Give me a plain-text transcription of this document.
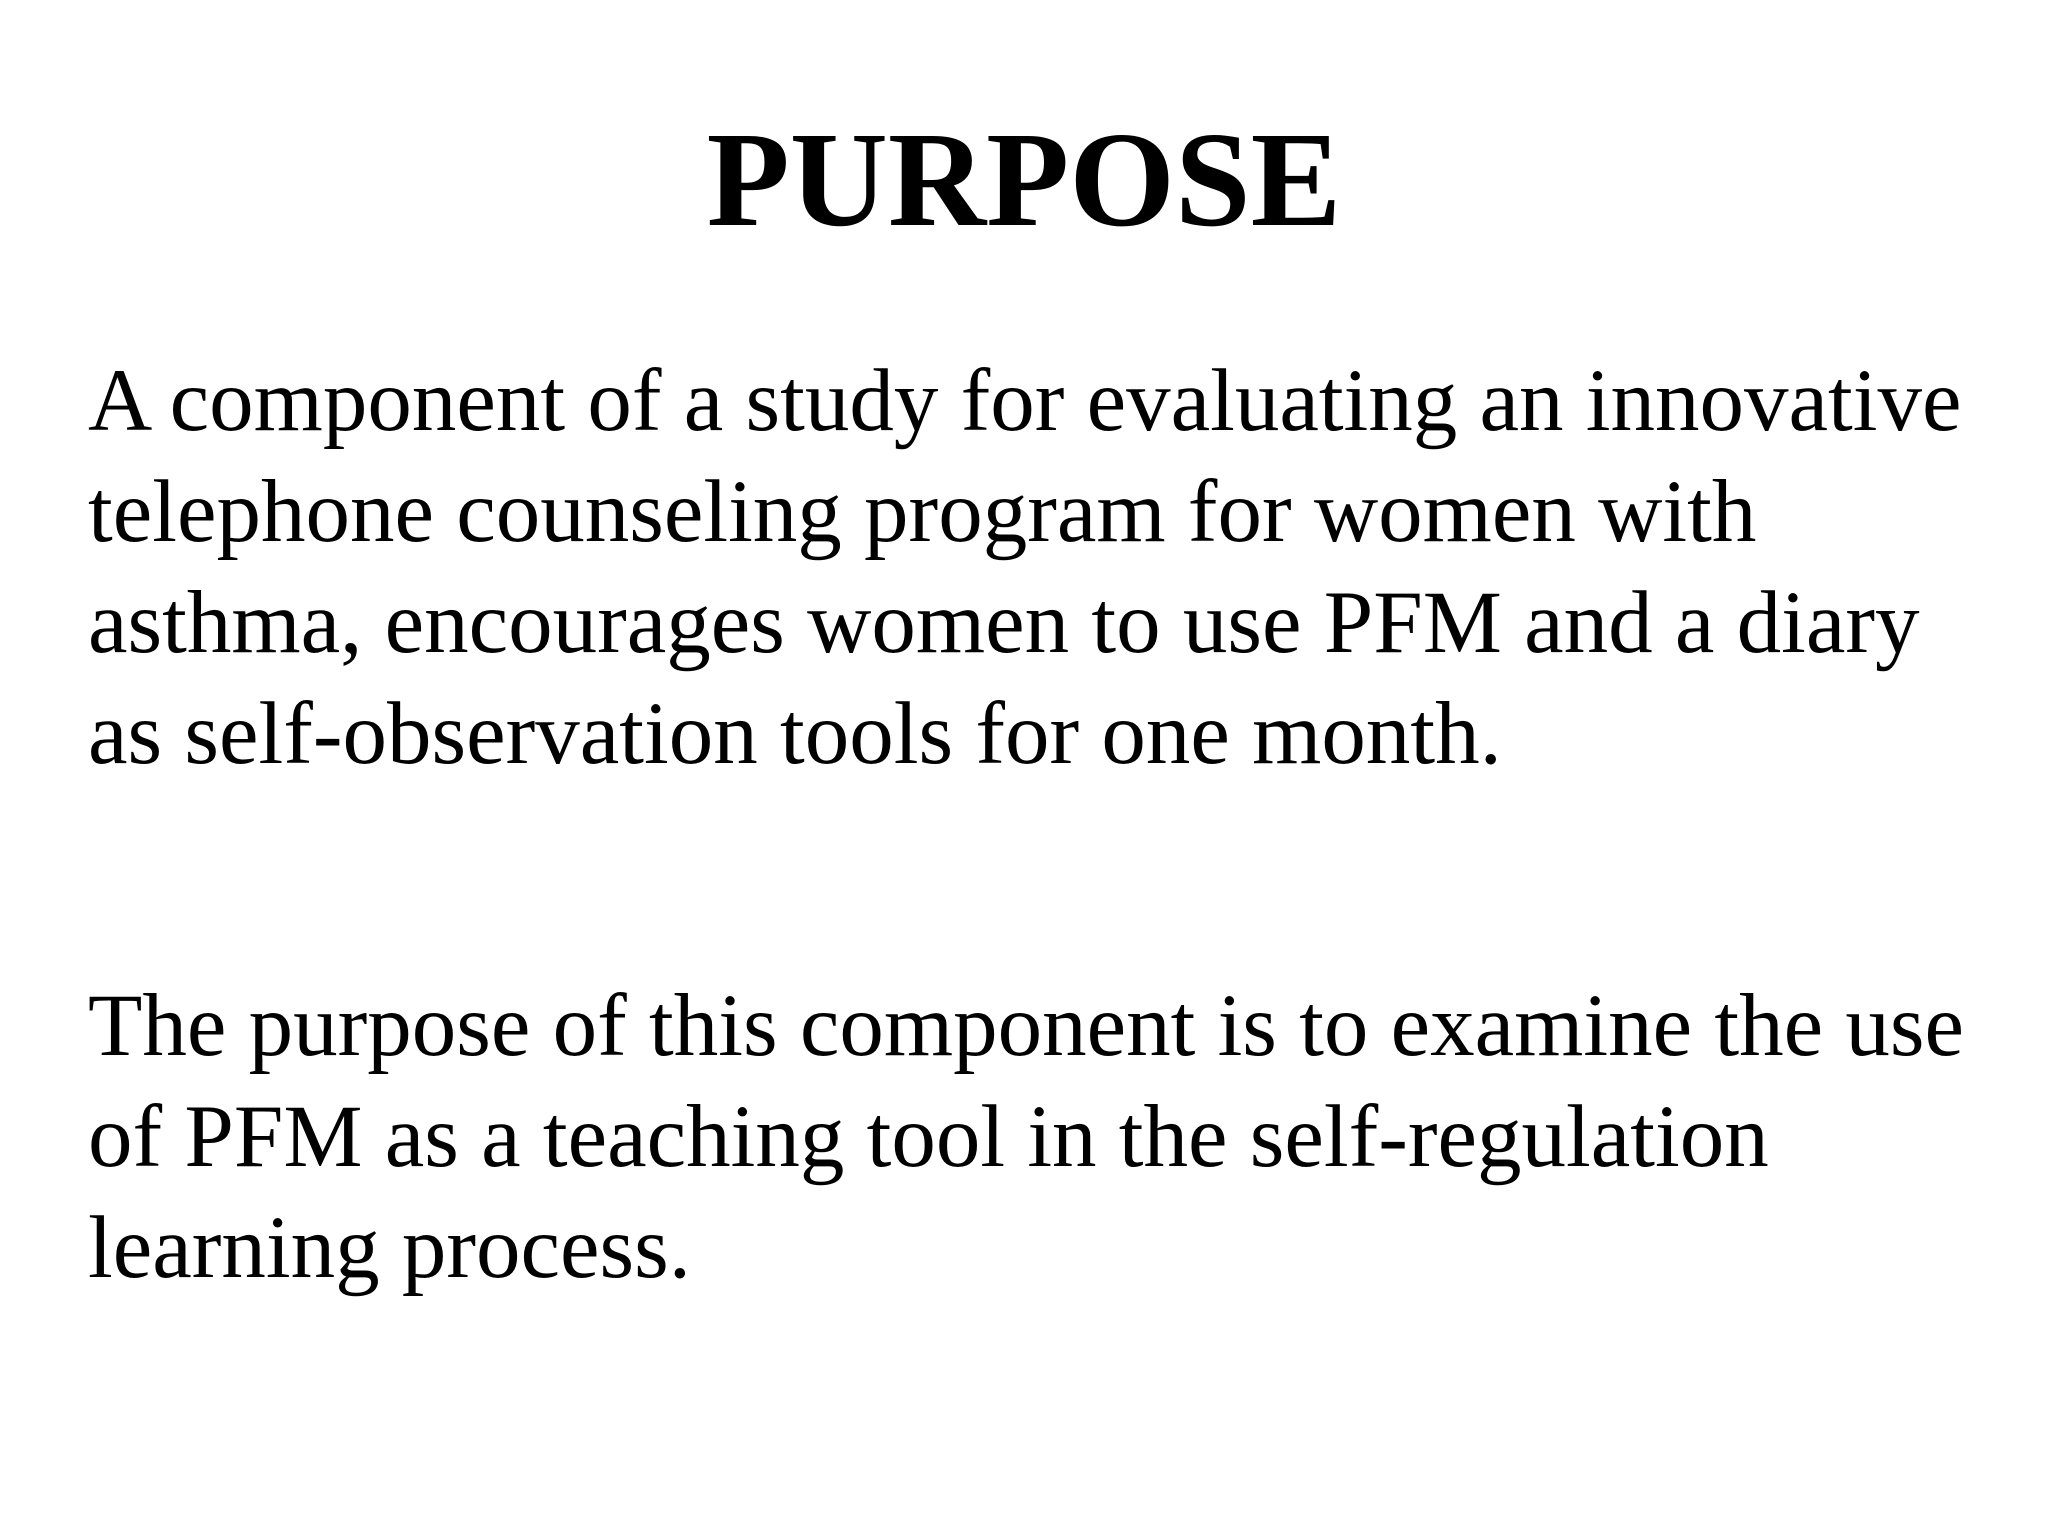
PURPOSE

A component of a study for evaluating an innovative telephone counseling program for women with asthma, encourages women to use PFM and a diary as self-observation tools for one month.

The purpose of this component is to examine the use of PFM as a teaching tool in the self-regulation learning process.
